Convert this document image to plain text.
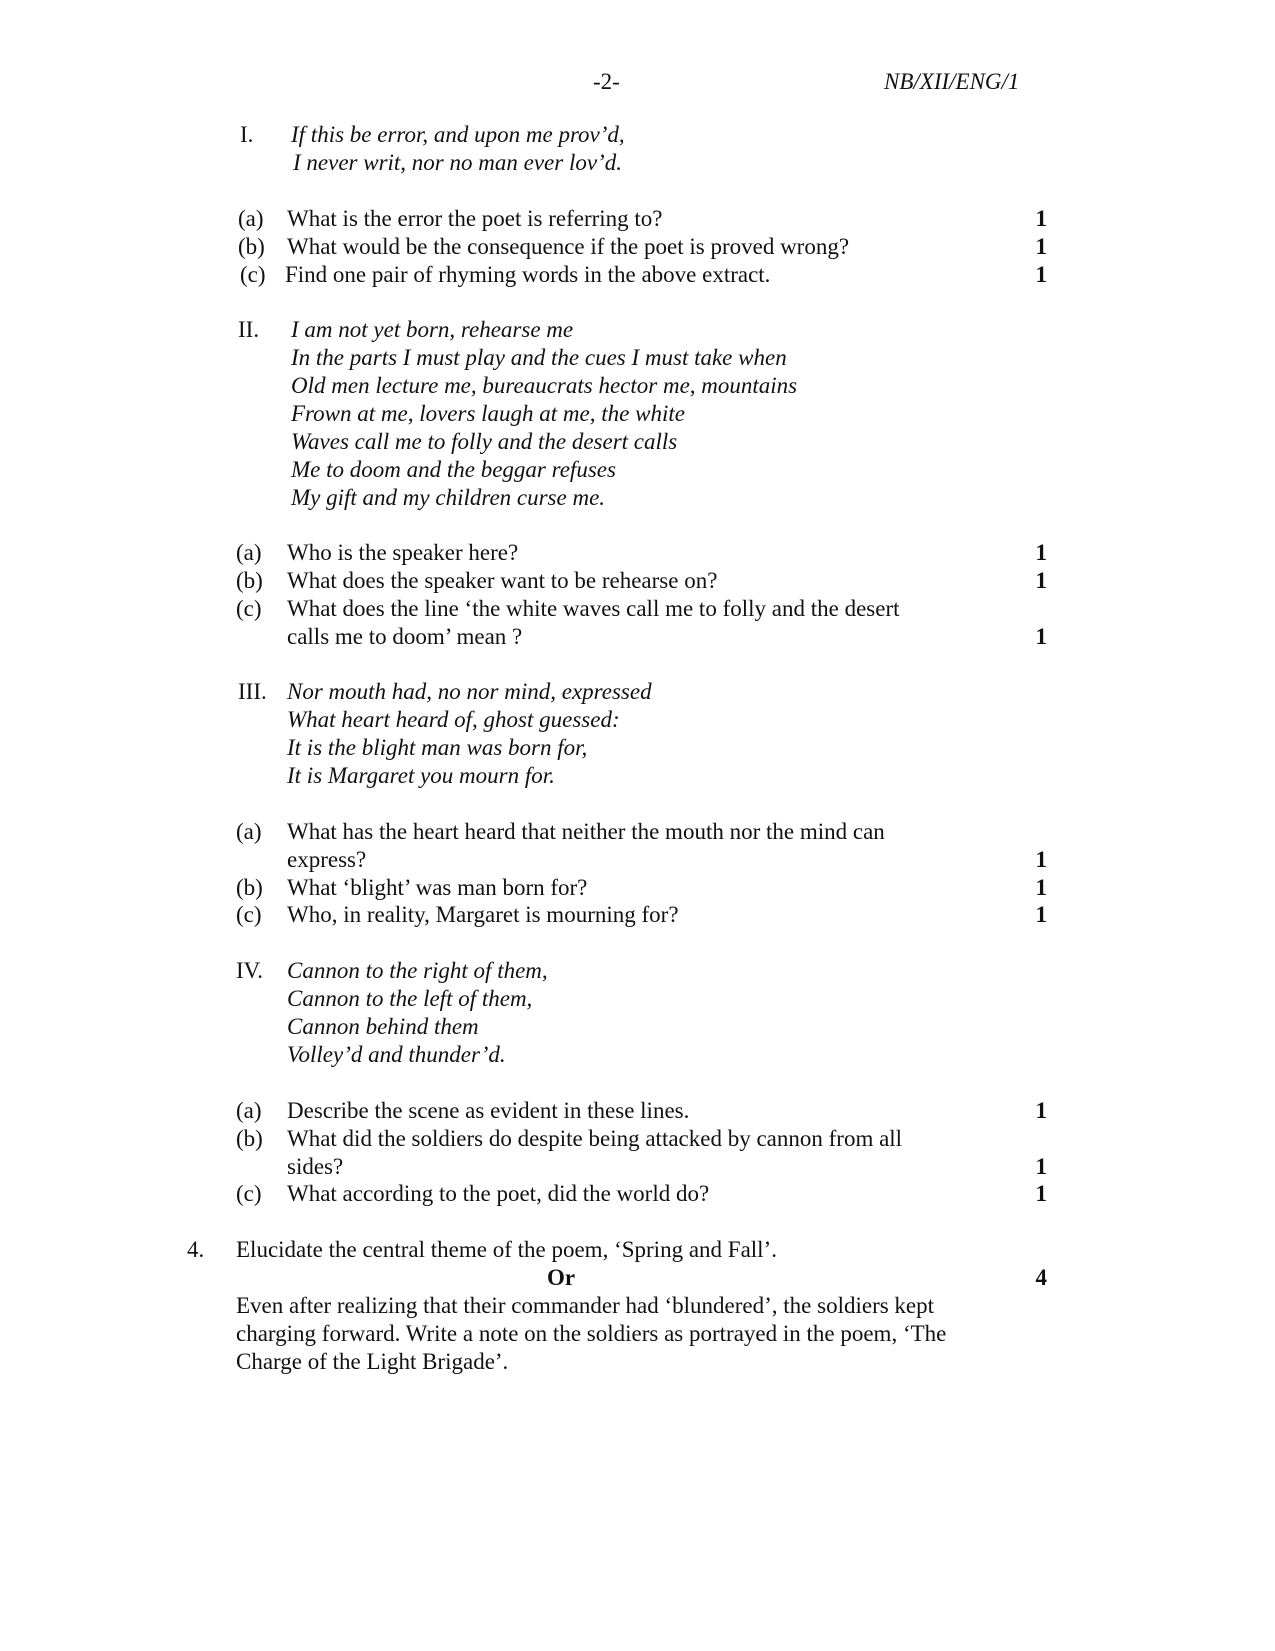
-2-	NB/XII/ENG/1
I. If this be error, and upon me prov’d,
I never writ, nor no man ever lov’d.
(a) What is the error the poet is referring to?	1
(b) What would be the consequence if the poet is proved wrong?	1
(c) Find one pair of rhyming words in the above extract.	1
II. I am not yet born, rehearse me
In the parts I must play and the cues I must take when
Old men lecture me, bureaucrats hector me, mountains
Frown at me, lovers laugh at me, the white
Waves call me to folly and the desert calls
Me to doom and the beggar refuses
My gift and my children curse me.
(a) Who is the speaker here?	1
(b) What does the speaker want to be rehearse on?	1
(c) What does the line ‘the white waves call me to folly and the desert
calls me to doom’ mean ?	1
III. Nor mouth had, no nor mind, expressed
What heart heard of, ghost guessed:
It is the blight man was born for,
It is Margaret you mourn for.
(a) What has the heart heard that neither the mouth nor the mind can
express?	1
(b) What ‘blight’ was man born for?	1
(c) Who, in reality, Margaret is mourning for?	1
IV. Cannon to the right of them,
Cannon to the left of them,
Cannon behind them
Volley’d and thunder’d.
(a) Describe the scene as evident in these lines.	1
(b) What did the soldiers do despite being attacked by cannon from all
sides?	1
(c) What according to the poet, did the world do?	1
4. Elucidate the central theme of the poem, ‘Spring and Fall’.
Or	4
Even after realizing that their commander had ‘blundered’, the soldiers kept
charging forward. Write a note on the soldiers as portrayed in the poem, ‘The
Charge of the Light Brigade’.
